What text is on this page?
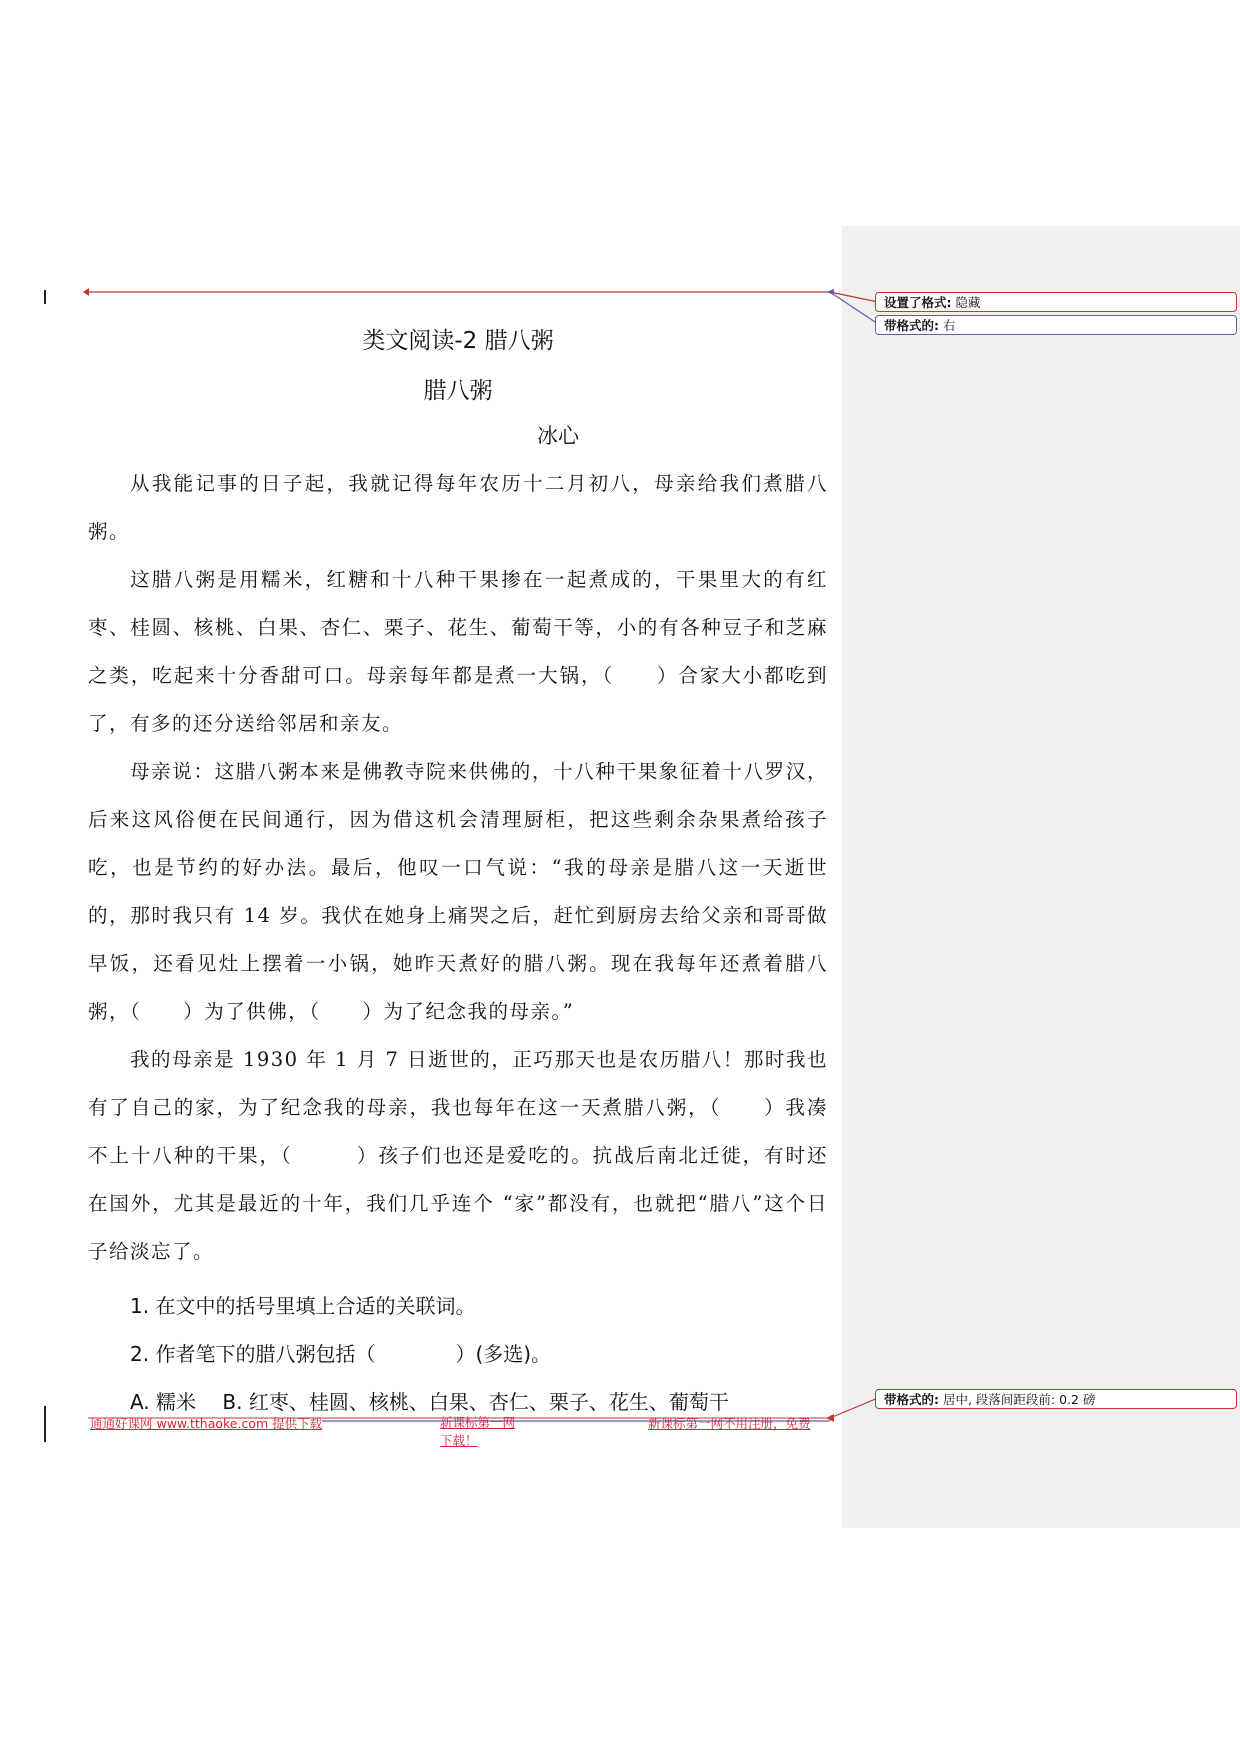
设置了格式: 隐藏
带格式的: 右
带格式的: 居中, 段落间距段前: 0.2 磅
类文阅读-2 腊八粥
腊八粥
冰心

从我能记事的日子起，我就记得每年农历十二月初八，母亲给我们煮腊八粥。

这腊八粥是用糯米，红糖和十八种干果掺在一起煮成的，干果里大的有红枣、桂圆、核桃、白果、杏仁、栗子、花生、葡萄干等，小的有各种豆子和芝麻之类，吃起来十分香甜可口。母亲每年都是煮一大锅，（　　）合家大小都吃到了，有多的还分送给邻居和亲友。

母亲说：这腊八粥本来是佛教寺院来供佛的，十八种干果象征着十八罗汉，后来这风俗便在民间通行，因为借这机会清理厨柜，把这些剩余杂果煮给孩子吃，也是节约的好办法。最后，他叹一口气说：“我的母亲是腊八这一天逝世的，那时我只有 14 岁。我伏在她身上痛哭之后，赶忙到厨房去给父亲和哥哥做早饭，还看见灶上摆着一小锅，她昨天煮好的腊八粥。现在我每年还煮着腊八粥，（　　）为了供佛，（　　）为了纪念我的母亲。”

我的母亲是 1930 年 1 月 7 日逝世的，正巧那天也是农历腊八！那时我也有了自己的家，为了纪念我的母亲，我也每年在这一天煮腊八粥，（　　）我凑不上十八种的干果，（　　　）孩子们也还是爱吃的。抗战后南北迁徙，有时还在国外，尤其是最近的十年，我们几乎连个 “家”都没有，也就把“腊八”这个日子给淡忘了。

1. 在文中的括号里填上合适的关联词。
2. 作者笔下的腊八粥包括（　　　　）(多选)。
A. 糯米　 B. 红枣、桂圆、核桃、白果、杏仁、栗子、花生、葡萄干
通通好课网 www.tthaoke.com 提供下载	新课标第一网
下载！
新课标第一网不用注册，免费
